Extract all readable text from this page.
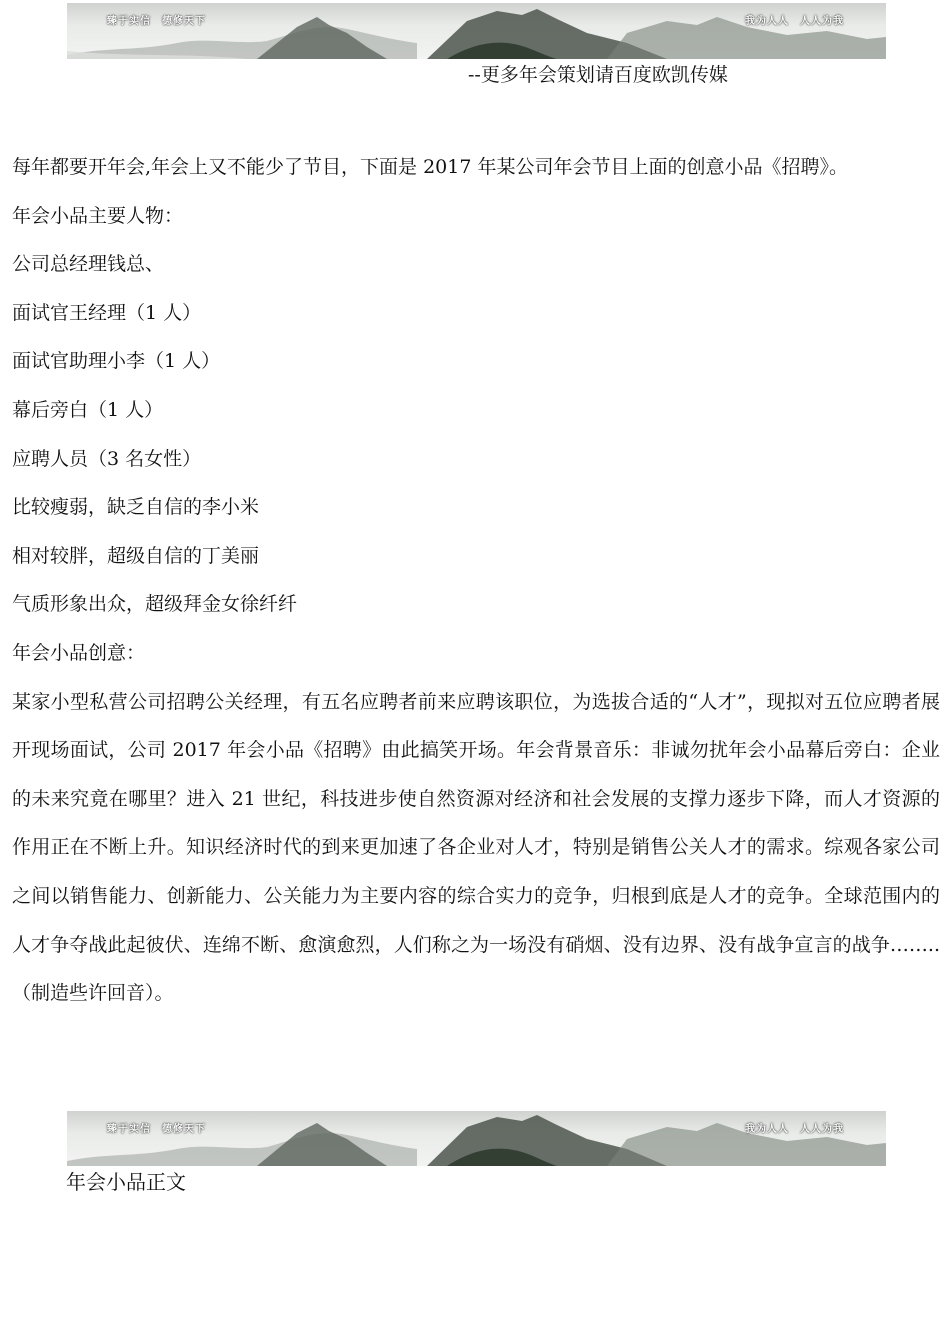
臻于实信　德修天下	我为人人　人人为我
--更多年会策划请百度欧凯传媒

每年都要开年会,年会上又不能少了节目，下面是 2017 年某公司年会节目上面的创意小品《招聘》。

年会小品主要人物：

公司总经理钱总、

面试官王经理（1 人）

面试官助理小李（1 人）

幕后旁白（1 人）

应聘人员（3 名女性）

比较瘦弱，缺乏自信的李小米

相对较胖，超级自信的丁美丽

气质形象出众，超级拜金女徐纤纤

年会小品创意：

某家小型私营公司招聘公关经理，有五名应聘者前来应聘该职位，为选拔合适的“人才”，现拟对五位应聘者展开现场面试，公司 2017 年会小品《招聘》由此搞笑开场。年会背景音乐：非诚勿扰年会小品幕后旁白：企业的未来究竟在哪里？进入 21 世纪，科技进步使自然资源对经济和社会发展的支撑力逐步下降，而人才资源的作用正在不断上升。知识经济时代的到来更加速了各企业对人才，特别是销售公关人才的需求。综观各家公司之间以销售能力、创新能力、公关能力为主要内容的综合实力的竞争，归根到底是人才的竞争。全球范围内的人才争夺战此起彼伏、连绵不断、愈演愈烈，人们称之为一场没有硝烟、没有边界、没有战争宣言的战争……..（制造些许回音）。

臻于实信　德修天下	我为人人　人人为我
年会小品正文
